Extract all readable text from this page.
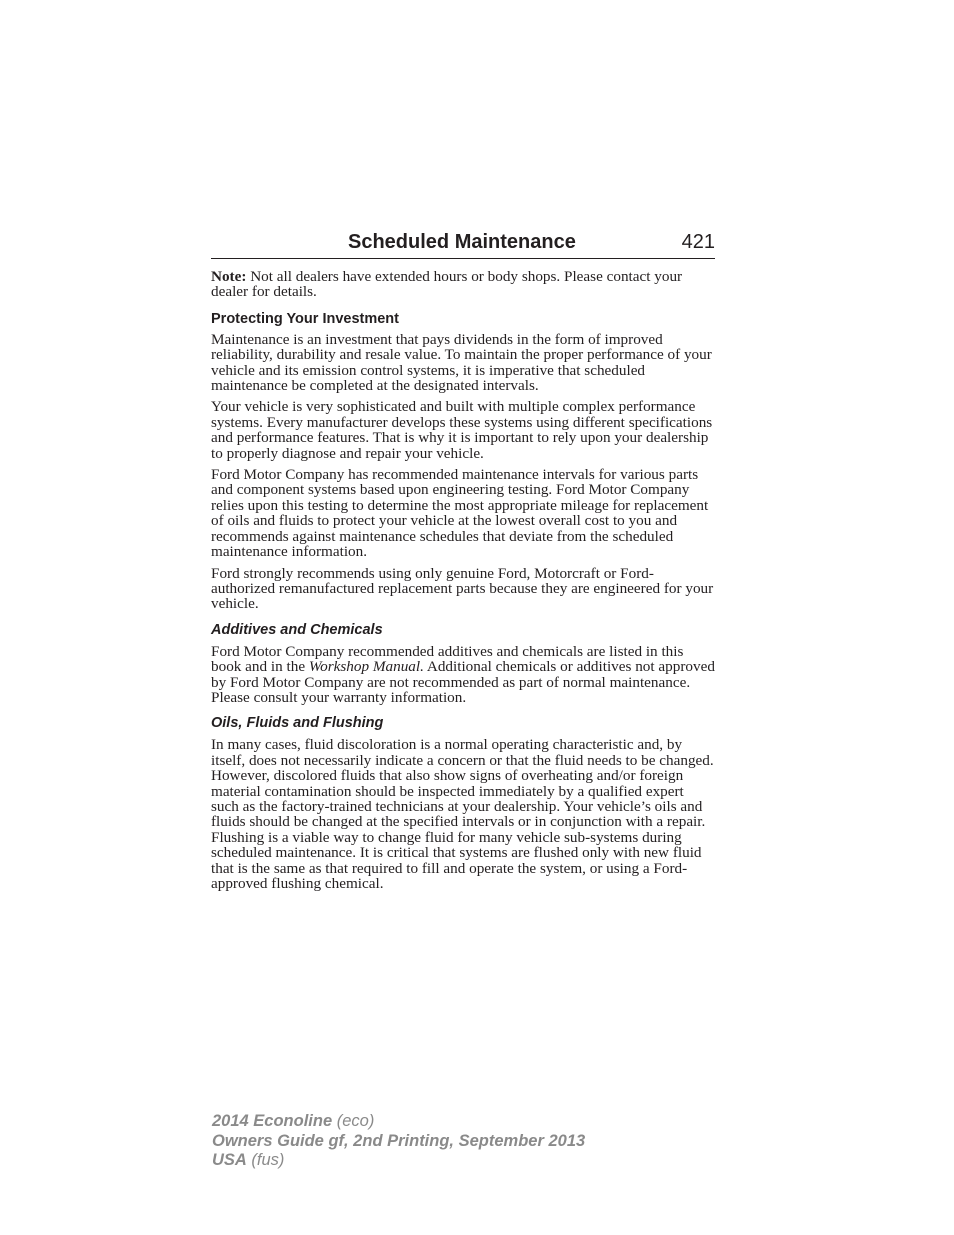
Scheduled Maintenance	421

Note: Not all dealers have extended hours or body shops. Please contact your dealer for details.

Protecting Your Investment

Maintenance is an investment that pays dividends in the form of improved reliability, durability and resale value. To maintain the proper performance of your vehicle and its emission control systems, it is imperative that scheduled maintenance be completed at the designated intervals.

Your vehicle is very sophisticated and built with multiple complex performance systems. Every manufacturer develops these systems using different specifications and performance features. That is why it is important to rely upon your dealership to properly diagnose and repair your vehicle.

Ford Motor Company has recommended maintenance intervals for various parts and component systems based upon engineering testing. Ford Motor Company relies upon this testing to determine the most appropriate mileage for replacement of oils and fluids to protect your vehicle at the lowest overall cost to you and recommends against maintenance schedules that deviate from the scheduled maintenance information.

Ford strongly recommends using only genuine Ford, Motorcraft or Ford-authorized remanufactured replacement parts because they are engineered for your vehicle.

Additives and Chemicals

Ford Motor Company recommended additives and chemicals are listed in this book and in the Workshop Manual. Additional chemicals or additives not approved by Ford Motor Company are not recommended as part of normal maintenance. Please consult your warranty information.

Oils, Fluids and Flushing

In many cases, fluid discoloration is a normal operating characteristic and, by itself, does not necessarily indicate a concern or that the fluid needs to be changed. However, discolored fluids that also show signs of overheating and/or foreign material contamination should be inspected immediately by a qualified expert such as the factory-trained technicians at your dealership. Your vehicle’s oils and fluids should be changed at the specified intervals or in conjunction with a repair. Flushing is a viable way to change fluid for many vehicle sub-systems during scheduled maintenance. It is critical that systems are flushed only with new fluid that is the same as that required to fill and operate the system, or using a Ford-approved flushing chemical.

2014 Econoline (eco)
Owners Guide gf, 2nd Printing, September 2013
USA (fus)
